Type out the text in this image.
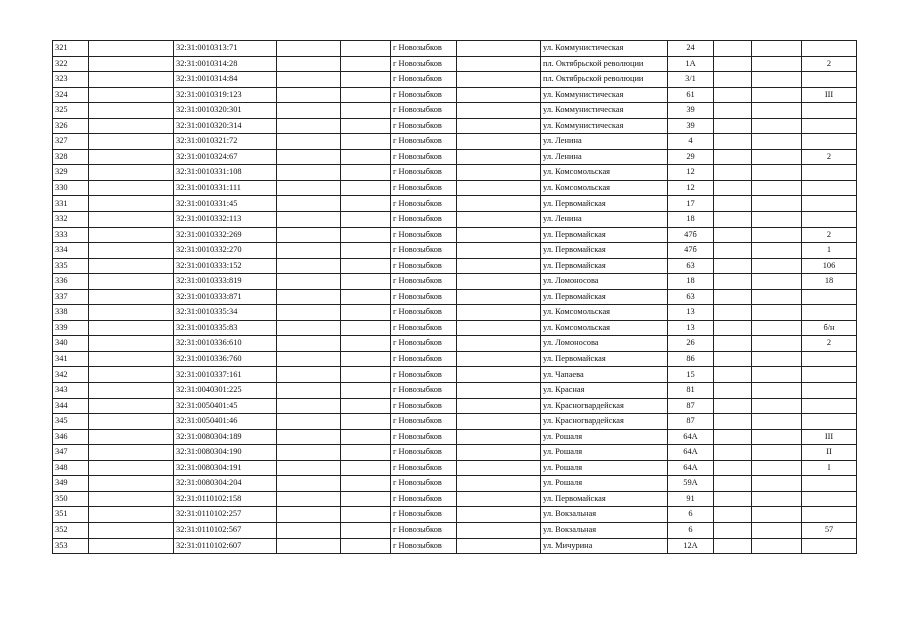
321		32:31:0010313:71			г Новозыбков		ул. Коммунистическая	24			
322		32:31:0010314:28			г Новозыбков		пл. Октябрьской революции	1А			2
323		32:31:0010314:84			г Новозыбков		пл. Октябрьской революции	3/1			
324		32:31:0010319:123			г Новозыбков		ул. Коммунистическая	61			III
325		32:31:0010320:301			г Новозыбков		ул. Коммунистическая	39			
326		32:31:0010320:314			г Новозыбков		ул. Коммунистическая	39			
327		32:31:0010321:72			г Новозыбков		ул. Ленина	4			
328		32:31:0010324:67			г Новозыбков		ул. Ленина	29			2
329		32:31:0010331:108			г Новозыбков		ул. Комсомольская	12			
330		32:31:0010331:111			г Новозыбков		ул. Комсомольская	12			
331		32:31:0010331:45			г Новозыбков		ул. Первомайская	17			
332		32:31:0010332:113			г Новозыбков		ул. Ленина	18			
333		32:31:0010332:269			г Новозыбков		ул. Первомайская	47б			2
334		32:31:0010332:270			г Новозыбков		ул. Первомайская	47б			1
335		32:31:0010333:152			г Новозыбков		ул. Первомайская	63			106
336		32:31:0010333:819			г Новозыбков		ул. Ломоносова	18			18
337		32:31:0010333:871			г Новозыбков		ул. Первомайская	63			
338		32:31:0010335:34			г Новозыбков		ул. Комсомольская	13			
339		32:31:0010335:83			г Новозыбков		ул. Комсомольская	13			б/н
340		32:31:0010336:610			г Новозыбков		ул. Ломоносова	26			2
341		32:31:0010336:760			г Новозыбков		ул. Первомайская	86			
342		32:31:0010337:161			г Новозыбков		ул. Чапаева	15			
343		32:31:0040301:225			г Новозыбков		ул. Красная	81			
344		32:31:0050401:45			г Новозыбков		ул. Красногвардейская	87			
345		32:31:0050401:46			г Новозыбков		ул. Красногвардейская	87			
346		32:31:0080304:189			г Новозыбков		ул. Рошаля	64А			III
347		32:31:0080304:190			г Новозыбков		ул. Рошаля	64А			II
348		32:31:0080304:191			г Новозыбков		ул. Рошаля	64А			I
349		32:31:0080304:204			г Новозыбков		ул. Рошаля	59А			
350		32:31:0110102:158			г Новозыбков		ул. Первомайская	91			
351		32:31:0110102:257			г Новозыбков		ул. Вокзальная	6			
352		32:31:0110102:567			г Новозыбков		ул. Вокзальная	6			57
353		32:31:0110102:607			г Новозыбков		ул. Мичурина	12А			
